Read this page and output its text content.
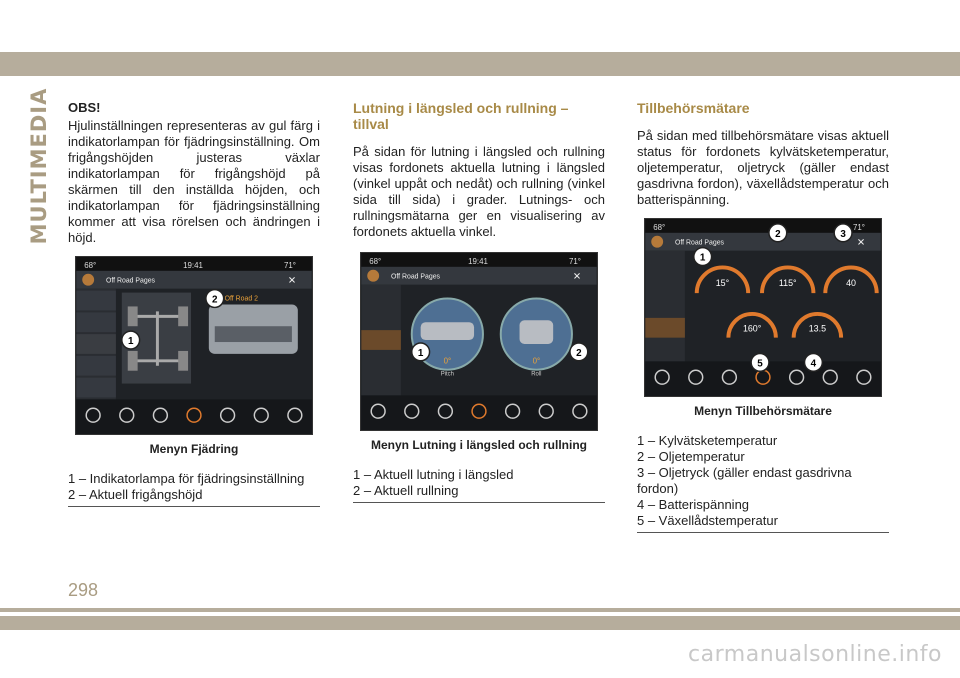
MULTIMEDIA OBS!

Hjulinställningen representeras av gul färg i indikatorlampan för fjädringsinställning. Om frigångshöjden justeras växlar indikatorlampan för frigångshöjd på skärmen till den inställda höjden, och indikatorlampan för fjädringsinställning kommer att visa rörelsen och ändringen i höjd.

68°	19:41	71°
Off Road Pages	✕
Off Road 2
1
2
Menyn Fjädring
1 – Indikatorlampa för fjädringsinställning
2 – Aktuell frigångshöjd
Lutning i längsled och rullning – tillval

På sidan för lutning i längsled och rullning visas fordonets aktuella lutning i längsled (vinkel uppåt och nedåt) och rullning (vinkel sida till sida) i grader. Lutnings- och rullningsmätarna ger en visualisering av fordonets aktuella vinkel.

68°	19:41	71°
Off Road Pages	✕
0°	0°
Pitch	Roll
1	2
Menyn Lutning i längsled och rullning
1 – Aktuell lutning i längsled
2 – Aktuell rullning
Tillbehörsmätare

På sidan med tillbehörsmätare visas aktuell status för fordonets kylvätsketemperatur, oljetemperatur, oljetryck (gäller endast gasdrivna fordon), växellådstemperatur och batterispänning.

68°	71°
Off Road Pages	✕
15°	115°	40
160°	13.5
1
2	3
4
5
Menyn Tillbehörsmätare
1 – Kylvätsketemperatur
2 – Oljetemperatur
3 – Oljetryck (gäller endast gasdrivna fordon)
4 – Batterispänning
5 – Växellådstemperatur
298
carmanualsonline.info
